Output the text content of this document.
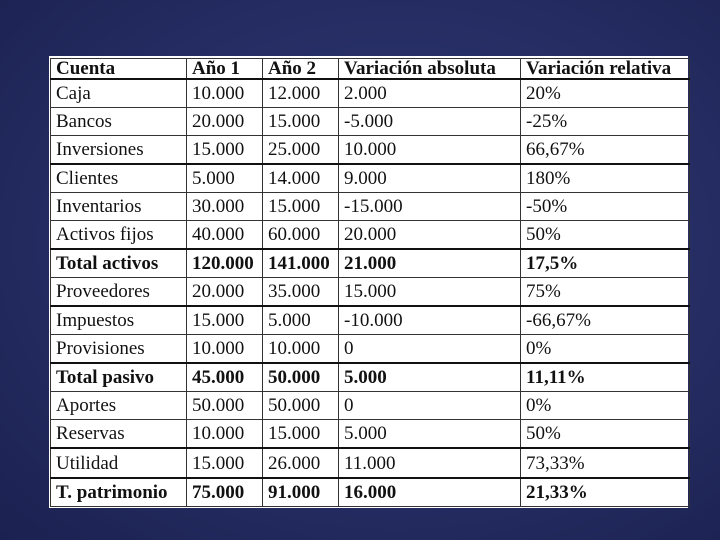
Cuenta	Año 1	Año 2	Variación absoluta	Variación relativa
Caja	10.000	12.000	2.000	20%
Bancos	20.000	15.000	-5.000	-25%
Inversiones	15.000	25.000	10.000	66,67%
Clientes	5.000	14.000	9.000	180%
Inventarios	30.000	15.000	-15.000	-50%
Activos fijos	40.000	60.000	20.000	50%
Total activos	120.000	141.000	21.000	17,5%
Proveedores	20.000	35.000	15.000	75%
Impuestos	15.000	5.000	-10.000	-66,67%
Provisiones	10.000	10.000	0	0%
Total pasivo	45.000	50.000	5.000	11,11%
Aportes	50.000	50.000	0	0%
Reservas	10.000	15.000	5.000	50%
Utilidad	15.000	26.000	11.000	73,33%
T. patrimonio	75.000	91.000	16.000	21,33%
